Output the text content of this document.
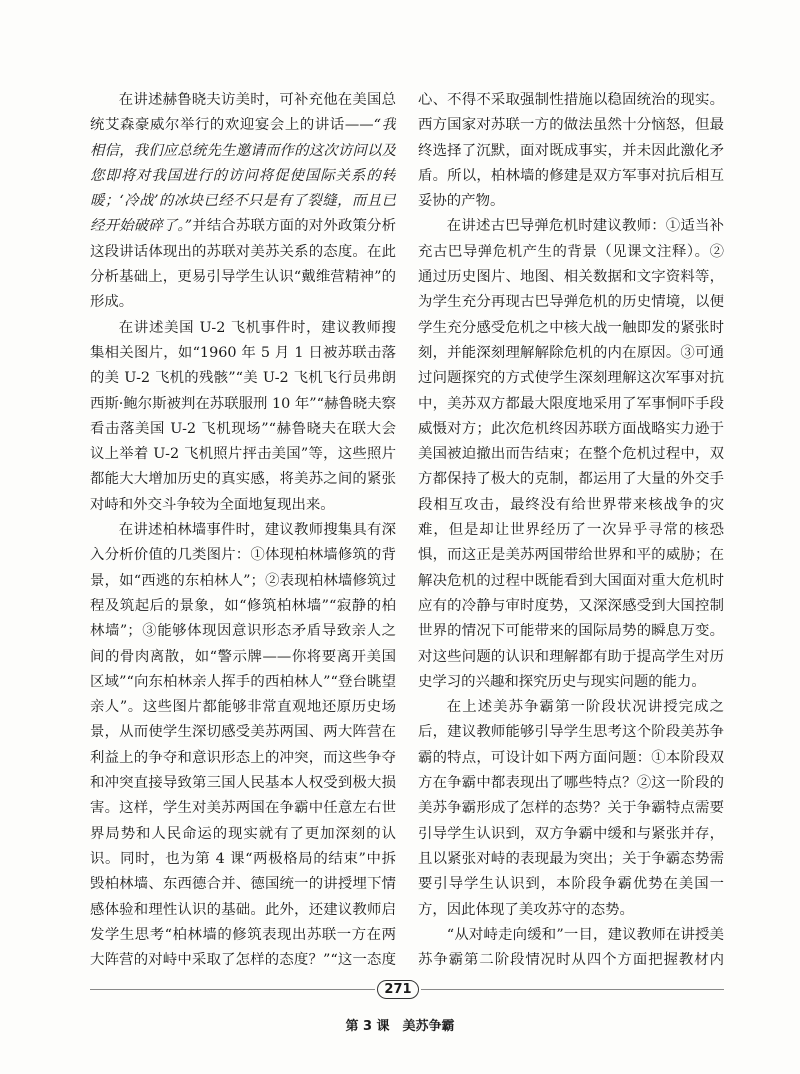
在讲述赫鲁晓夫访美时，可补充他在美国总统艾森豪威尔举行的欢迎宴会上的讲话——“我相信，我们应总统先生邀请而作的这次访问以及您即将对我国进行的访问将促使国际关系的转暖；‘冷战’的冰块已经不只是有了裂缝，而且已经开始破碎了。”并结合苏联方面的对外政策分析这段讲话体现出的苏联对美苏关系的态度。在此分析基础上，更易引导学生认识“戴维营精神”的形成。

在讲述美国 U-2 飞机事件时，建议教师搜集相关图片，如“1960 年 5 月 1 日被苏联击落的美 U-2 飞机的残骸”“美 U-2 飞机飞行员弗朗西斯·鲍尔斯被判在苏联服刑 10 年”“赫鲁晓夫察看击落美国 U-2 飞机现场”“赫鲁晓夫在联大会议上举着 U-2 飞机照片抨击美国”等，这些照片都能大大增加历史的真实感，将美苏之间的紧张对峙和外交斗争较为全面地复现出来。

在讲述柏林墙事件时，建议教师搜集具有深入分析价值的几类图片：①体现柏林墙修筑的背景，如“西逃的东柏林人”；②表现柏林墙修筑过程及筑起后的景象，如“修筑柏林墙”“寂静的柏林墙”；③能够体现因意识形态矛盾导致亲人之间的骨肉离散，如“警示牌——你将要离开美国区域”“向东柏林亲人挥手的西柏林人”“登台眺望亲人”。这些图片都能够非常直观地还原历史场景，从而使学生深切感受美苏两国、两大阵营在利益上的争夺和意识形态上的冲突，而这些争夺和冲突直接导致第三国人民基本人权受到极大损害。这样，学生对美苏两国在争霸中任意左右世界局势和人民命运的现实就有了更加深刻的认识。同时，也为第 4 课“两极格局的结束”中拆毁柏林墙、东西德合并、德国统一的讲授埋下情感体验和理性认识的基础。此外，还建议教师启发学生思考“柏林墙的修筑表现出苏联一方在两大阵营的对峙中采取了怎样的态度？”“这一态度

心、不得不采取强制性措施以稳固统治的现实。西方国家对苏联一方的做法虽然十分恼怒，但最终选择了沉默，面对既成事实，并未因此激化矛盾。所以，柏林墙的修建是双方军事对抗后相互妥协的产物。

在讲述古巴导弹危机时建议教师：①适当补充古巴导弹危机产生的背景（见课文注释）。②通过历史图片、地图、相关数据和文字资料等，为学生充分再现古巴导弹危机的历史情境，以便学生充分感受危机之中核大战一触即发的紧张时刻，并能深刻理解解除危机的内在原因。③可通过问题探究的方式使学生深刻理解这次军事对抗中，美苏双方都最大限度地采用了军事恫吓手段威慑对方；此次危机终因苏联方面战略实力逊于美国被迫撤出而告结束；在整个危机过程中，双方都保持了极大的克制，都运用了大量的外交手段相互攻击，最终没有给世界带来核战争的灾难，但是却让世界经历了一次异乎寻常的核恐惧，而这正是美苏两国带给世界和平的威胁；在解决危机的过程中既能看到大国面对重大危机时应有的冷静与审时度势，又深深感受到大国控制世界的情况下可能带来的国际局势的瞬息万变。对这些问题的认识和理解都有助于提高学生对历史学习的兴趣和探究历史与现实问题的能力。

在上述美苏争霸第一阶段状况讲授完成之后，建议教师能够引导学生思考这个阶段美苏争霸的特点，可设计如下两方面问题：①本阶段双方在争霸中都表现出了哪些特点？②这一阶段的美苏争霸形成了怎样的态势？关于争霸特点需要引导学生认识到，双方争霸中缓和与紧张并存，且以紧张对峙的表现最为突出；关于争霸态势需要引导学生认识到，本阶段争霸优势在美国一方，因此体现了美攻苏守的态势。

“从对峙走向缓和”一目，建议教师在讲授美苏争霸第二阶段情况时从四个方面把握教材内

271
第 3 课　美苏争霸
